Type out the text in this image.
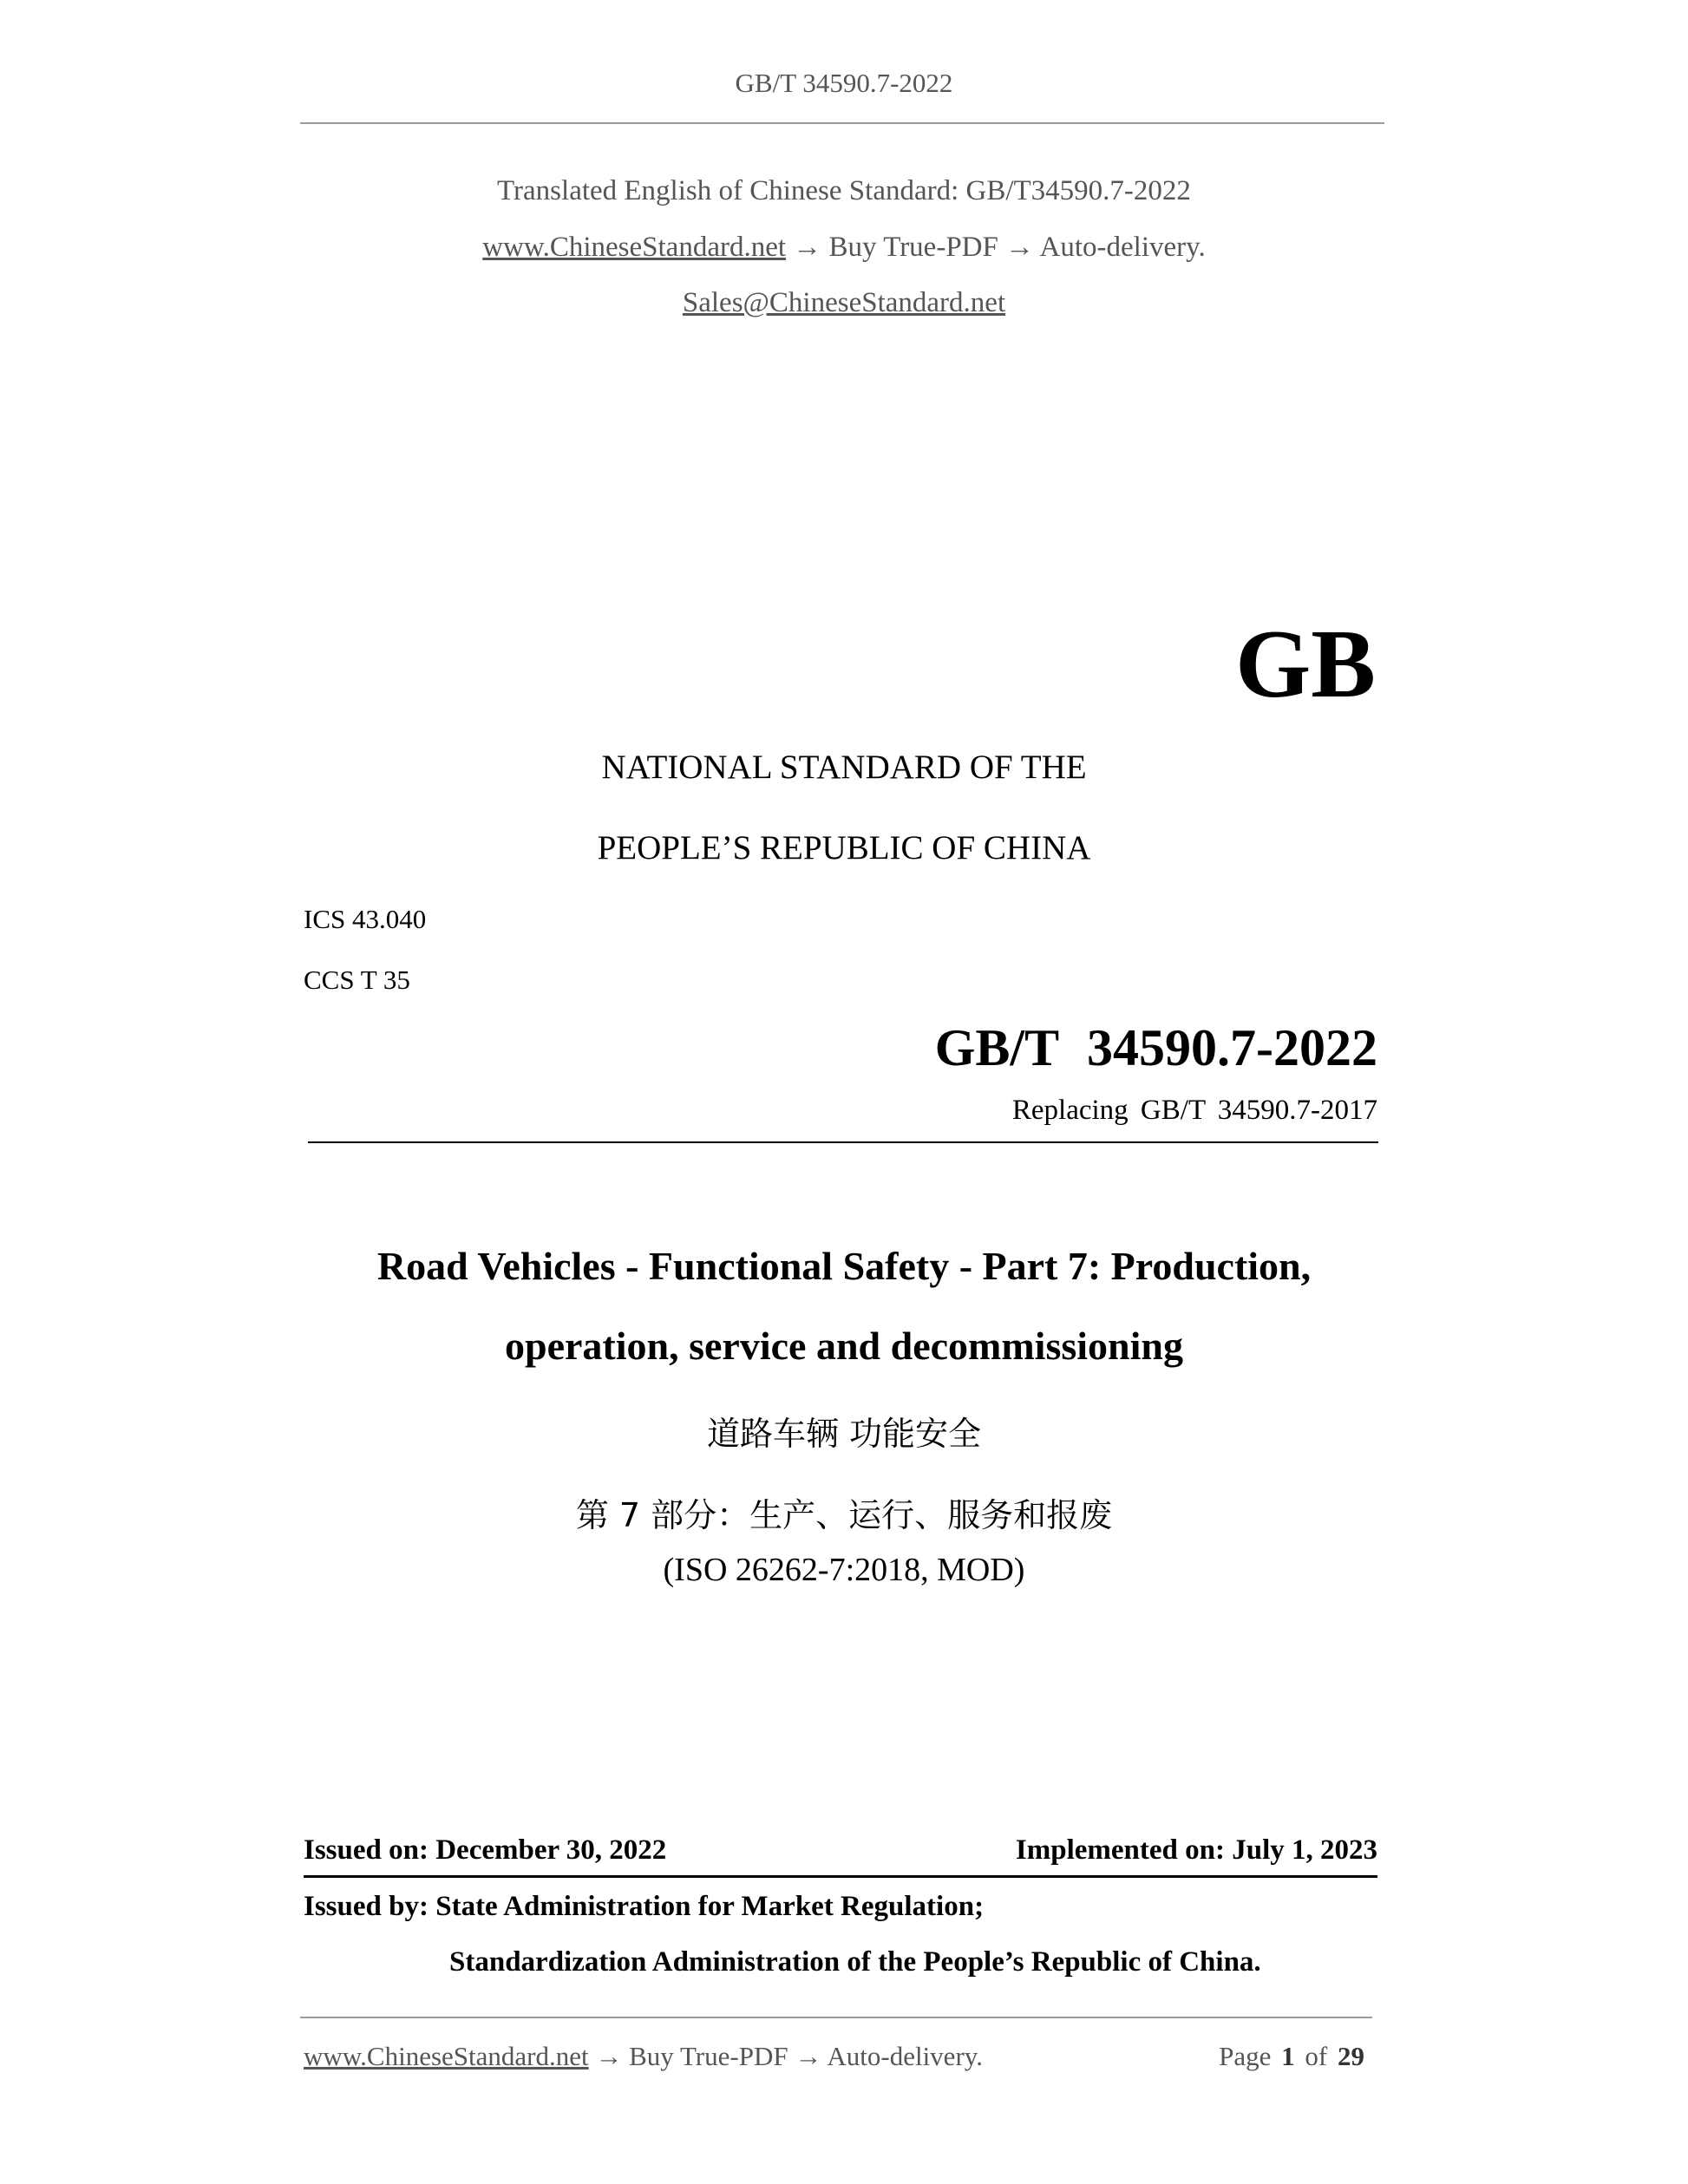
GB/T 34590.7-2022
Translated English of Chinese Standard: GB/T34590.7-2022
www.ChineseStandard.net → Buy True-PDF → Auto-delivery.
Sales@ChineseStandard.net
GB
NATIONAL STANDARD OF THE
PEOPLE’S REPUBLIC OF CHINA
ICS 43.040
CCS T 35
GB/T 34590.7-2022
Replacing GB/T 34590.7-2017
Road Vehicles - Functional Safety - Part 7: Production,
operation, service and decommissioning
道路车辆 功能安全
第 7 部分：生产、运行、服务和报废
(ISO 26262-7:2018, MOD)
Issued on: December 30, 2022	Implemented on: July 1, 2023
Issued by: State Administration for Market Regulation;
Standardization Administration of the People’s Republic of China.
www.ChineseStandard.net → Buy True-PDF → Auto-delivery.	Page 1 of 29
